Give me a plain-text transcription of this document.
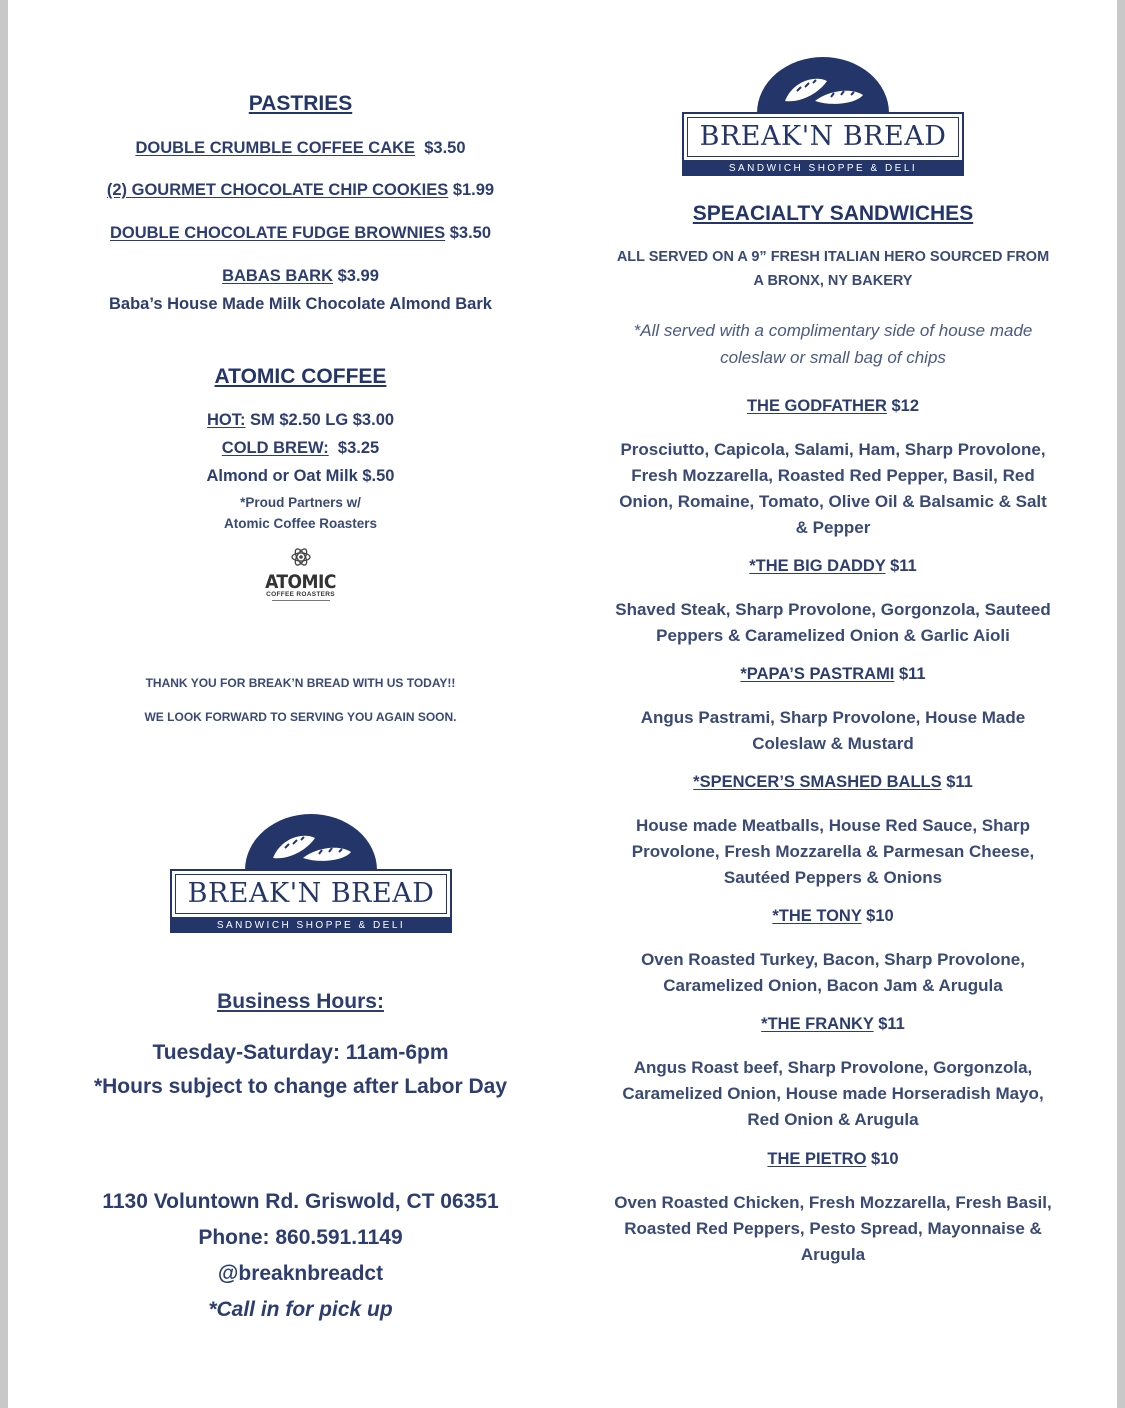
PASTRIES
DOUBLE CRUMBLE COFFEE CAKE $3.50
(2) GOURMET CHOCOLATE CHIP COOKIES $1.99
DOUBLE CHOCOLATE FUDGE BROWNIES $3.50
BABAS BARK $3.99
Baba’s House Made Milk Chocolate Almond Bark
ATOMIC COFFEE
HOT: SM $2.50 LG $3.00
COLD BREW: $3.25
Almond or Oat Milk $.50
*Proud Partners w/
Atomic Coffee Roasters
ATOMIC
COFFEE ROASTERS
THANK YOU FOR BREAK’N BREAD WITH US TODAY!!
WE LOOK FORWARD TO SERVING YOU AGAIN SOON.
BREAK'N BREAD
SANDWICH SHOPPE & DELI
Business Hours:
Tuesday-Saturday: 11am-6pm
*Hours subject to change after Labor Day
1130 Voluntown Rd. Griswold, CT 06351
Phone: 860.591.1149
@breaknbreadct
*Call in for pick up
BREAK'N BREAD
SANDWICH SHOPPE & DELI
SPEACIALTY SANDWICHES
ALL SERVED ON A 9” FRESH ITALIAN HERO SOURCED FROM
A BRONX, NY BAKERY
*All served with a complimentary side of house made
coleslaw or small bag of chips
THE GODFATHER $12
Prosciutto, Capicola, Salami, Ham, Sharp Provolone,
Fresh Mozzarella, Roasted Red Pepper, Basil, Red
Onion, Romaine, Tomato, Olive Oil & Balsamic & Salt
& Pepper
*THE BIG DADDY $11
Shaved Steak, Sharp Provolone, Gorgonzola, Sauteed
Peppers & Caramelized Onion & Garlic Aioli
*PAPA’S PASTRAMI $11
Angus Pastrami, Sharp Provolone, House Made
Coleslaw & Mustard
*SPENCER’S SMASHED BALLS $11
House made Meatballs, House Red Sauce, Sharp
Provolone, Fresh Mozzarella & Parmesan Cheese,
Sautéed Peppers & Onions
*THE TONY $10
Oven Roasted Turkey, Bacon, Sharp Provolone,
Caramelized Onion, Bacon Jam & Arugula
*THE FRANKY $11
Angus Roast beef, Sharp Provolone, Gorgonzola,
Caramelized Onion, House made Horseradish Mayo,
Red Onion & Arugula
THE PIETRO $10
Oven Roasted Chicken, Fresh Mozzarella, Fresh Basil,
Roasted Red Peppers, Pesto Spread, Mayonnaise &
Arugula
